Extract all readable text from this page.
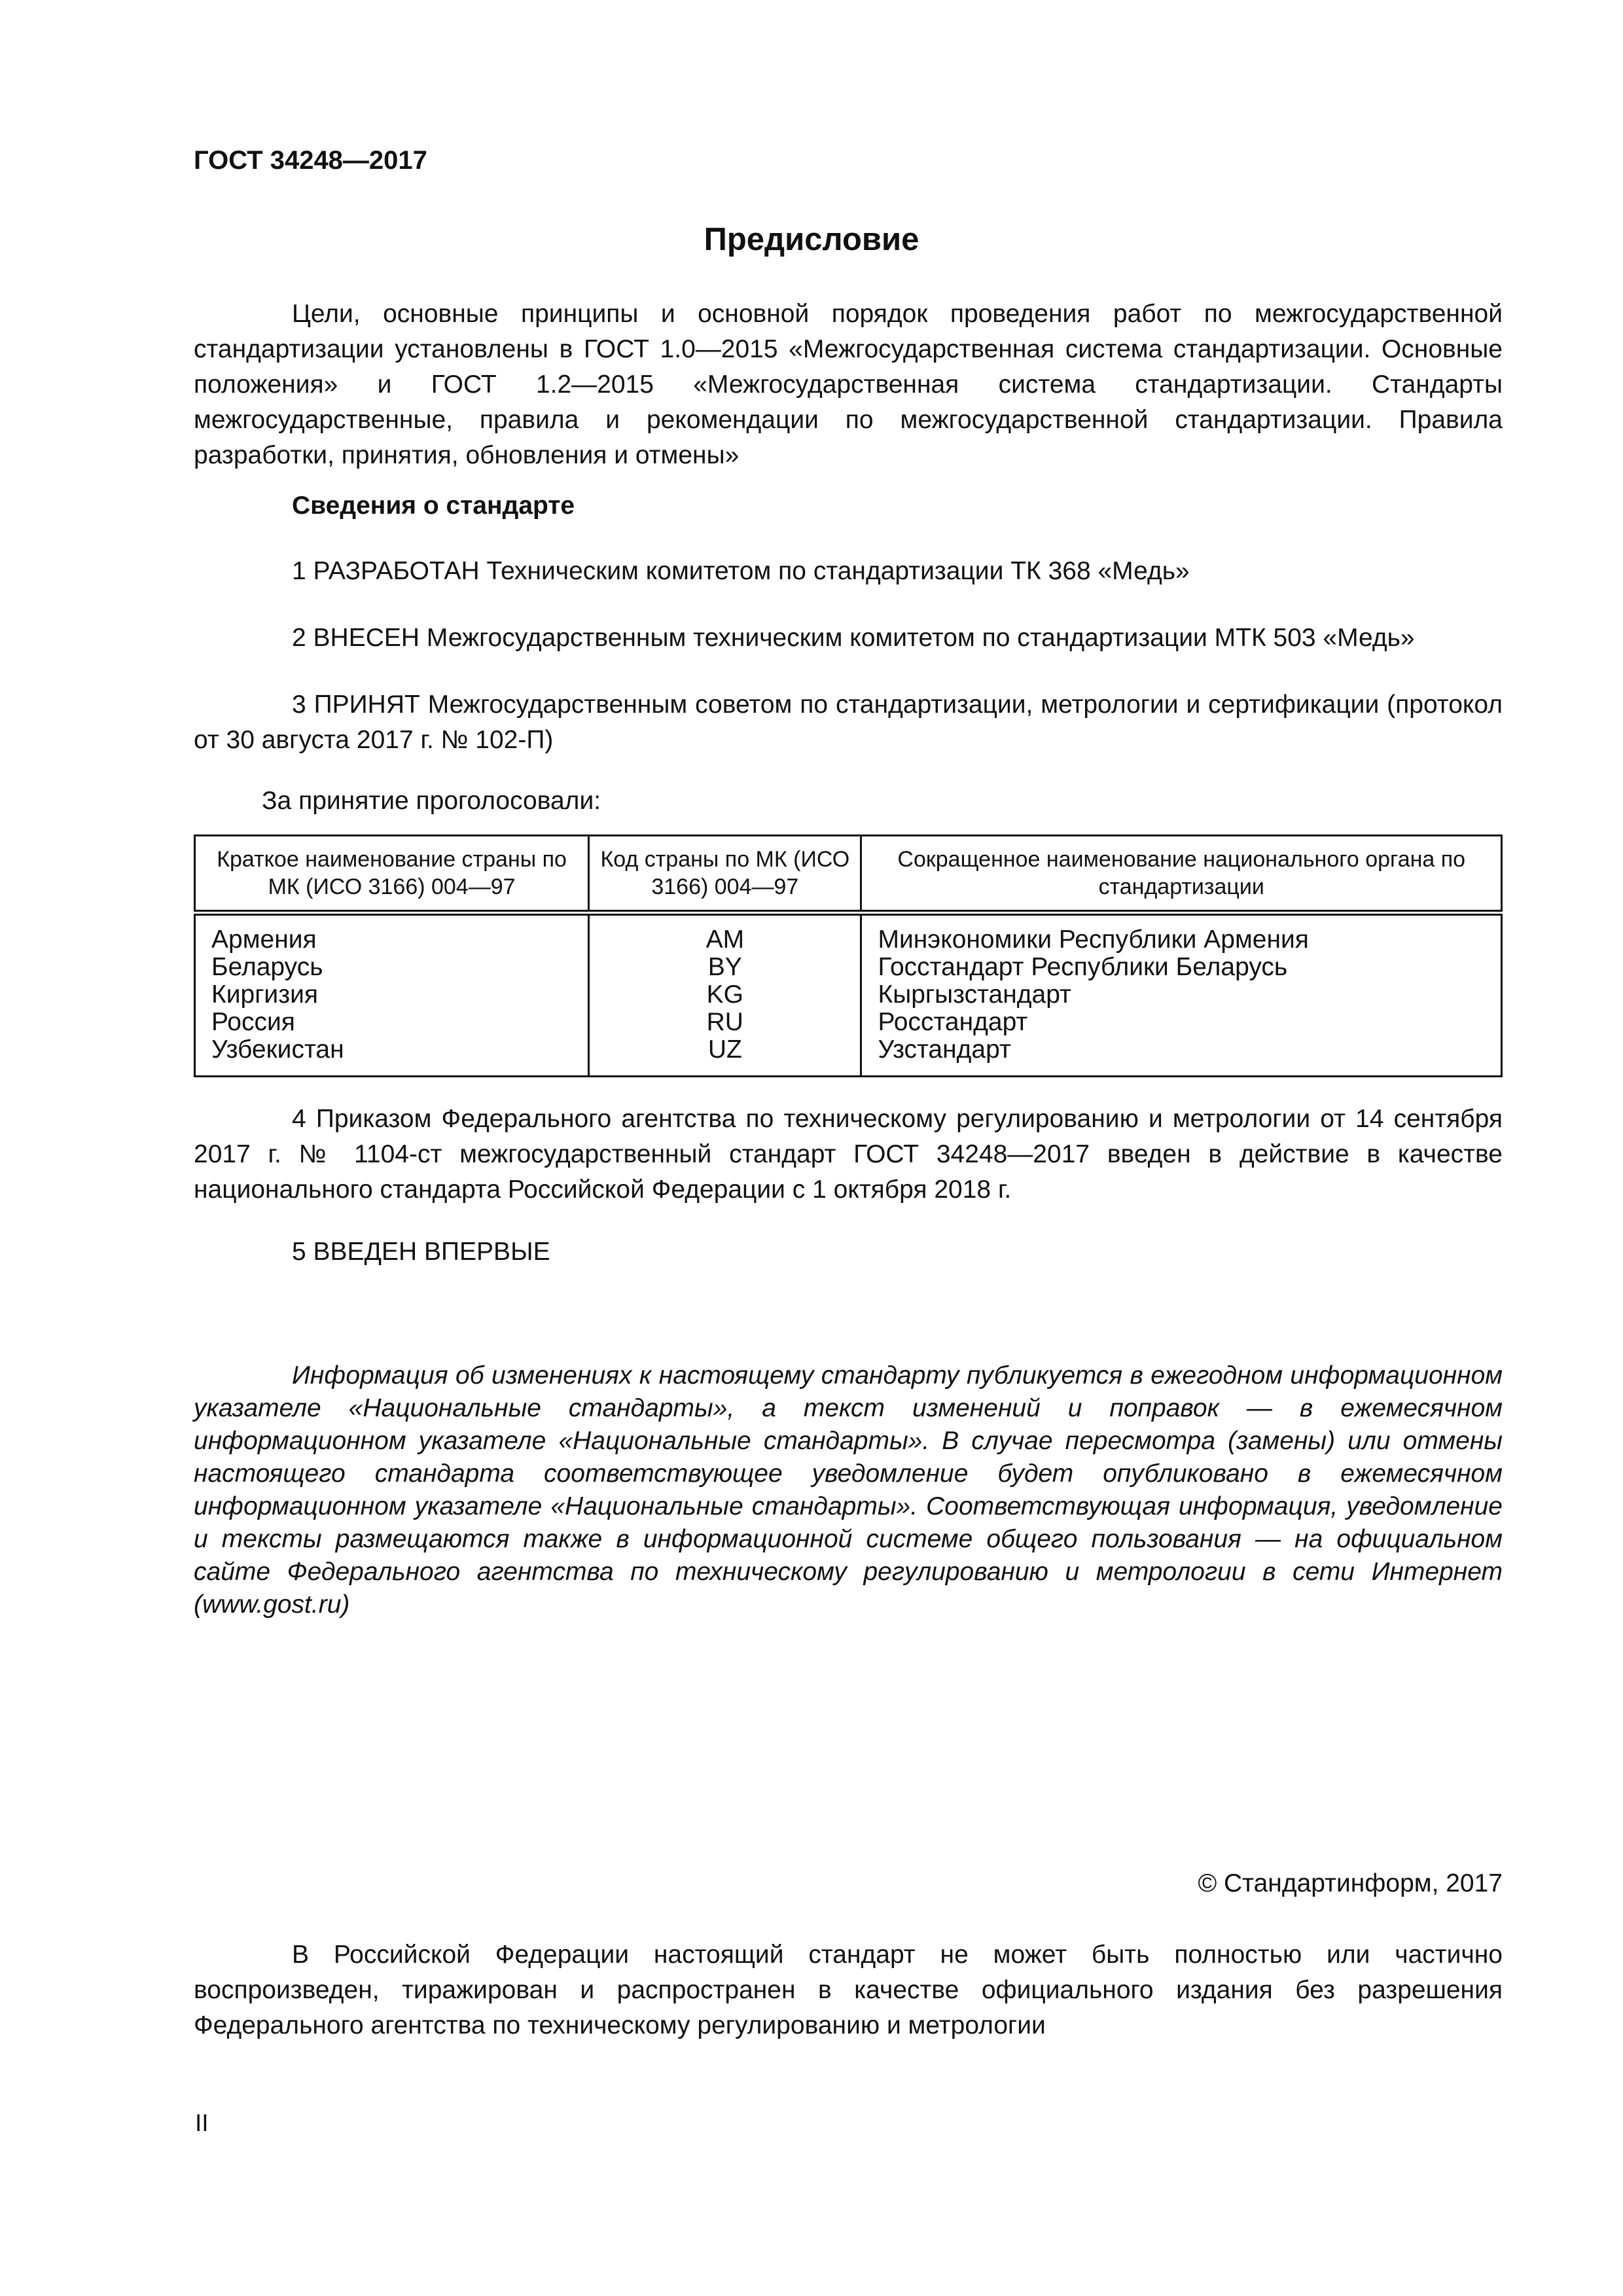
ГОСТ 34248—2017
Предисловие

Цели, основные принципы и основной порядок проведения работ по межгосударственной стандартизации установлены в ГОСТ 1.0—2015 «Межгосударственная система стандартизации. Основные положения» и ГОСТ 1.2—2015 «Межгосударственная система стандартизации. Стандарты межгосударственные, правила и рекомендации по межгосударственной стандартизации. Правила разработки, принятия, обновления и отмены»

Сведения о стандарте

1 РАЗРАБОТАН Техническим комитетом по стандартизации ТК 368 «Медь»

2 ВНЕСЕН Межгосударственным техническим комитетом по стандартизации МТК 503 «Медь»

3 ПРИНЯТ Межгосударственным советом по стандартизации, метрологии и сертификации (протокол от 30 августа 2017 г. № 102-П)

За принятие проголосовали:

Краткое наименование страны по МК (ИСО 3166) 004—97	Код страны по МК (ИСО 3166) 004—97	Сокращенное наименование национального органа по стандартизации
Армения	AM	Минэкономики Республики Армения
Беларусь	BY	Госстандарт Республики Беларусь
Киргизия	KG	Кыргызстандарт
Россия	RU	Росстандарт
Узбекистан	UZ	Узстандарт

4 Приказом Федерального агентства по техническому регулированию и метрологии от 14 сентября 2017 г. № 1104-ст межгосударственный стандарт ГОСТ 34248—2017 введен в действие в качестве национального стандарта Российской Федерации с 1 октября 2018 г.

5 ВВЕДЕН ВПЕРВЫЕ

Информация об изменениях к настоящему стандарту публикуется в ежегодном информационном указателе «Национальные стандарты», а текст изменений и поправок — в ежемесячном информационном указателе «Национальные стандарты». В случае пересмотра (замены) или отмены настоящего стандарта соответствующее уведомление будет опубликовано в ежемесячном информационном указателе «Национальные стандарты». Соответствующая информация, уведомление и тексты размещаются также в информационной системе общего пользования — на официальном сайте Федерального агентства по техническому регулированию и метрологии в сети Интернет (www.gost.ru)

© Стандартинформ, 2017

В Российской Федерации настоящий стандарт не может быть полностью или частично воспроизведен, тиражирован и распространен в качестве официального издания без разрешения Федерального агентства по техническому регулированию и метрологии

II
